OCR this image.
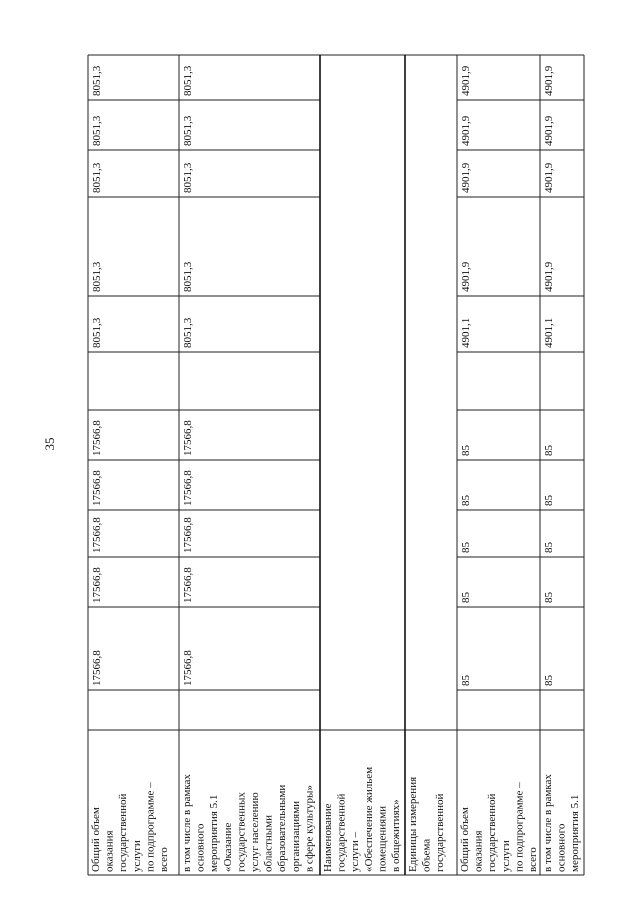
35
Общий объем оказания государственной услуги по подпрограмме – всего
17566,8
17566,8
17566,8
17566,8
17566,8
8051,3
8051,3
8051,3
8051,3
8051,3
в том числе в рамках основного мероприятия 5.1 «Оказание государственных услуг населению областными образовательными организациями в сфере культуры»
17566,8
17566,8
17566,8
17566,8
17566,8
8051,3
8051,3
8051,3
8051,3
8051,3
Наименование государственной услуги – «Обеспечение жильем помещениями в общежитиях» Единицы измерения объема государственной Общий объем оказания государственной услуги по подпрограмме – всего
85
85
85
85
85
4901,1
4901,9
4901,9
4901,9
4901,9
в том числе в рамках основного мероприятия 5.1
85
85
85
85
85
4901,1
4901,9
4901,9
4901,9
4901,9
